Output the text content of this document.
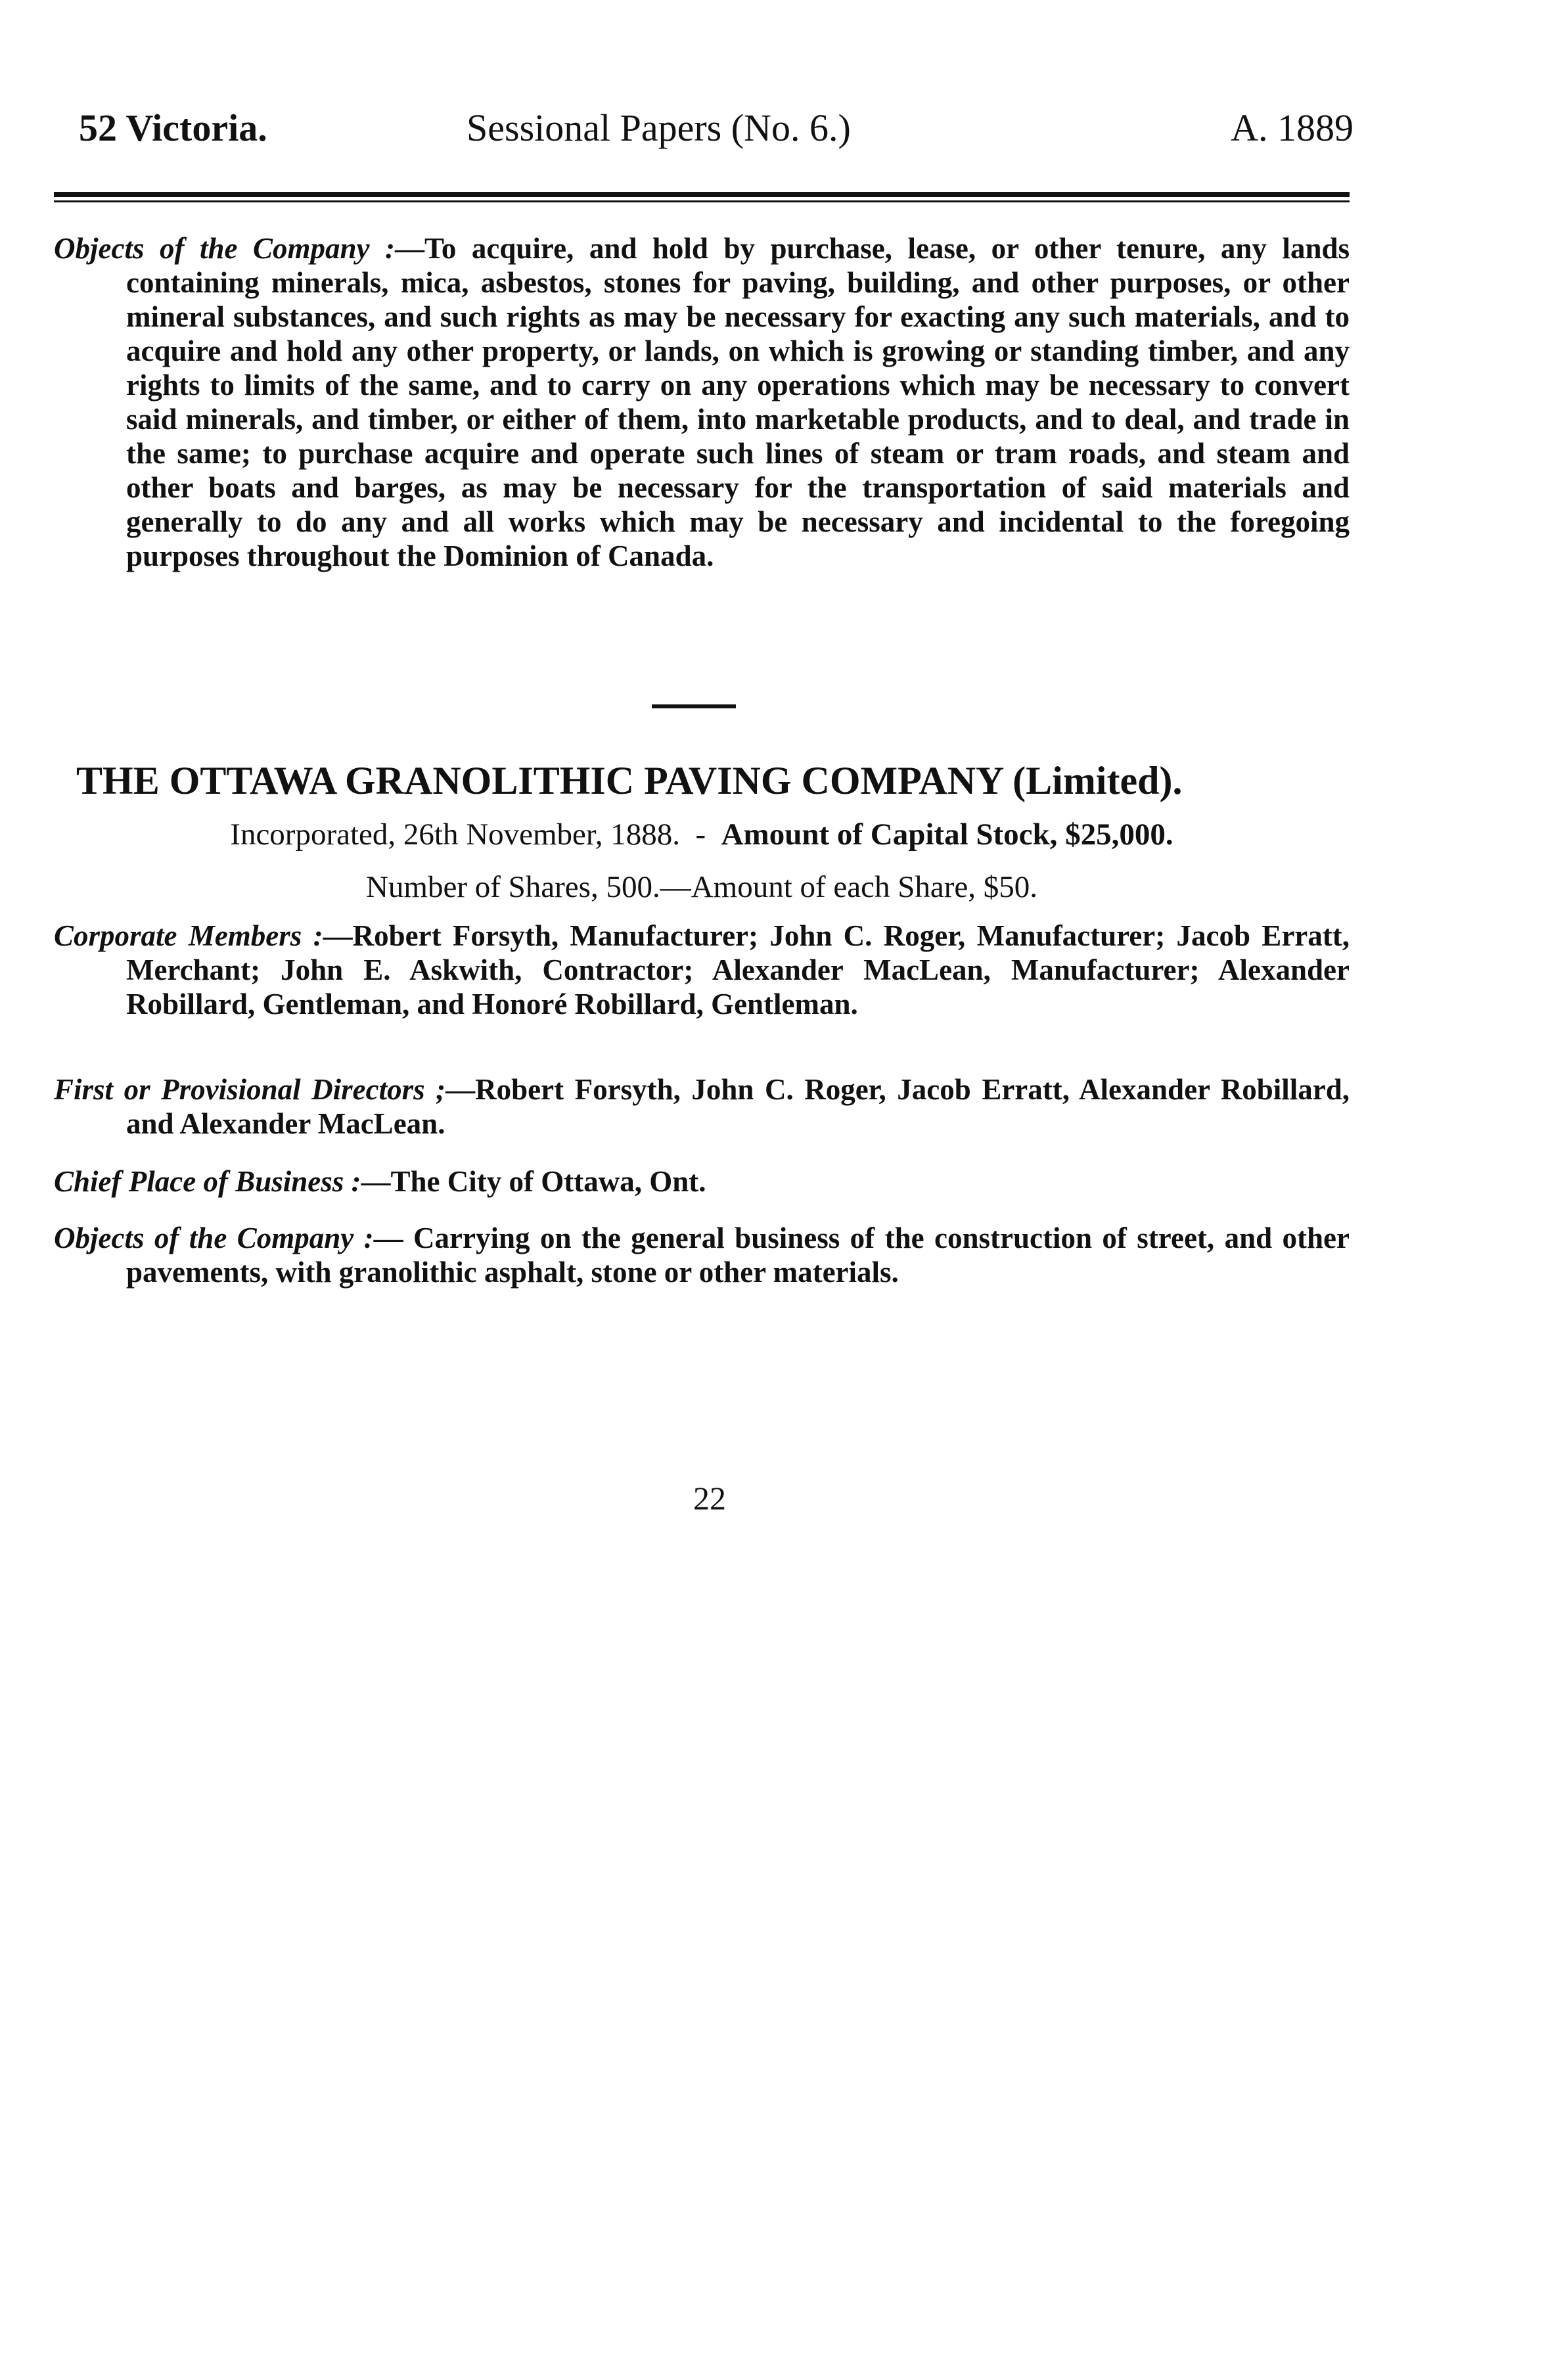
52 Victoria.	Sessional Papers (No. 6.)	A. 1889
Objects of the Company :—To acquire, and hold by purchase, lease, or other tenure, any lands containing minerals, mica, asbestos, stones for paving, building, and other purposes, or other mineral substances, and such rights as may be necessary for exacting any such materials, and to acquire and hold any other property, or lands, on which is growing or standing timber, and any rights to limits of the same, and to carry on any operations which may be necessary to convert said minerals, and timber, or either of them, into marketable products, and to deal, and trade in the same; to purchase acquire and operate such lines of steam or tram roads, and steam and other boats and barges, as may be necessary for the transportation of said materials and generally to do any and all works which may be necessary and incidental to the foregoing purposes throughout the Dominion of Canada.
THE OTTAWA GRANOLITHIC PAVING COMPANY (Limited).
Incorporated, 26th November, 1888. - Amount of Capital Stock, $25,000.
Number of Shares, 500.—Amount of each Share, $50.
Corporate Members :—Robert Forsyth, Manufacturer; John C. Roger, Manufacturer; Jacob Erratt, Merchant; John E. Askwith, Contractor; Alexander MacLean, Manufacturer; Alexander Robillard, Gentleman, and Honoré Robillard, Gentleman.
First or Provisional Directors ;—Robert Forsyth, John C. Roger, Jacob Erratt, Alexander Robillard, and Alexander MacLean.
Chief Place of Business :—The City of Ottawa, Ont.
Objects of the Company :— Carrying on the general business of the construction of street, and other pavements, with granolithic asphalt, stone or other materials.
22
